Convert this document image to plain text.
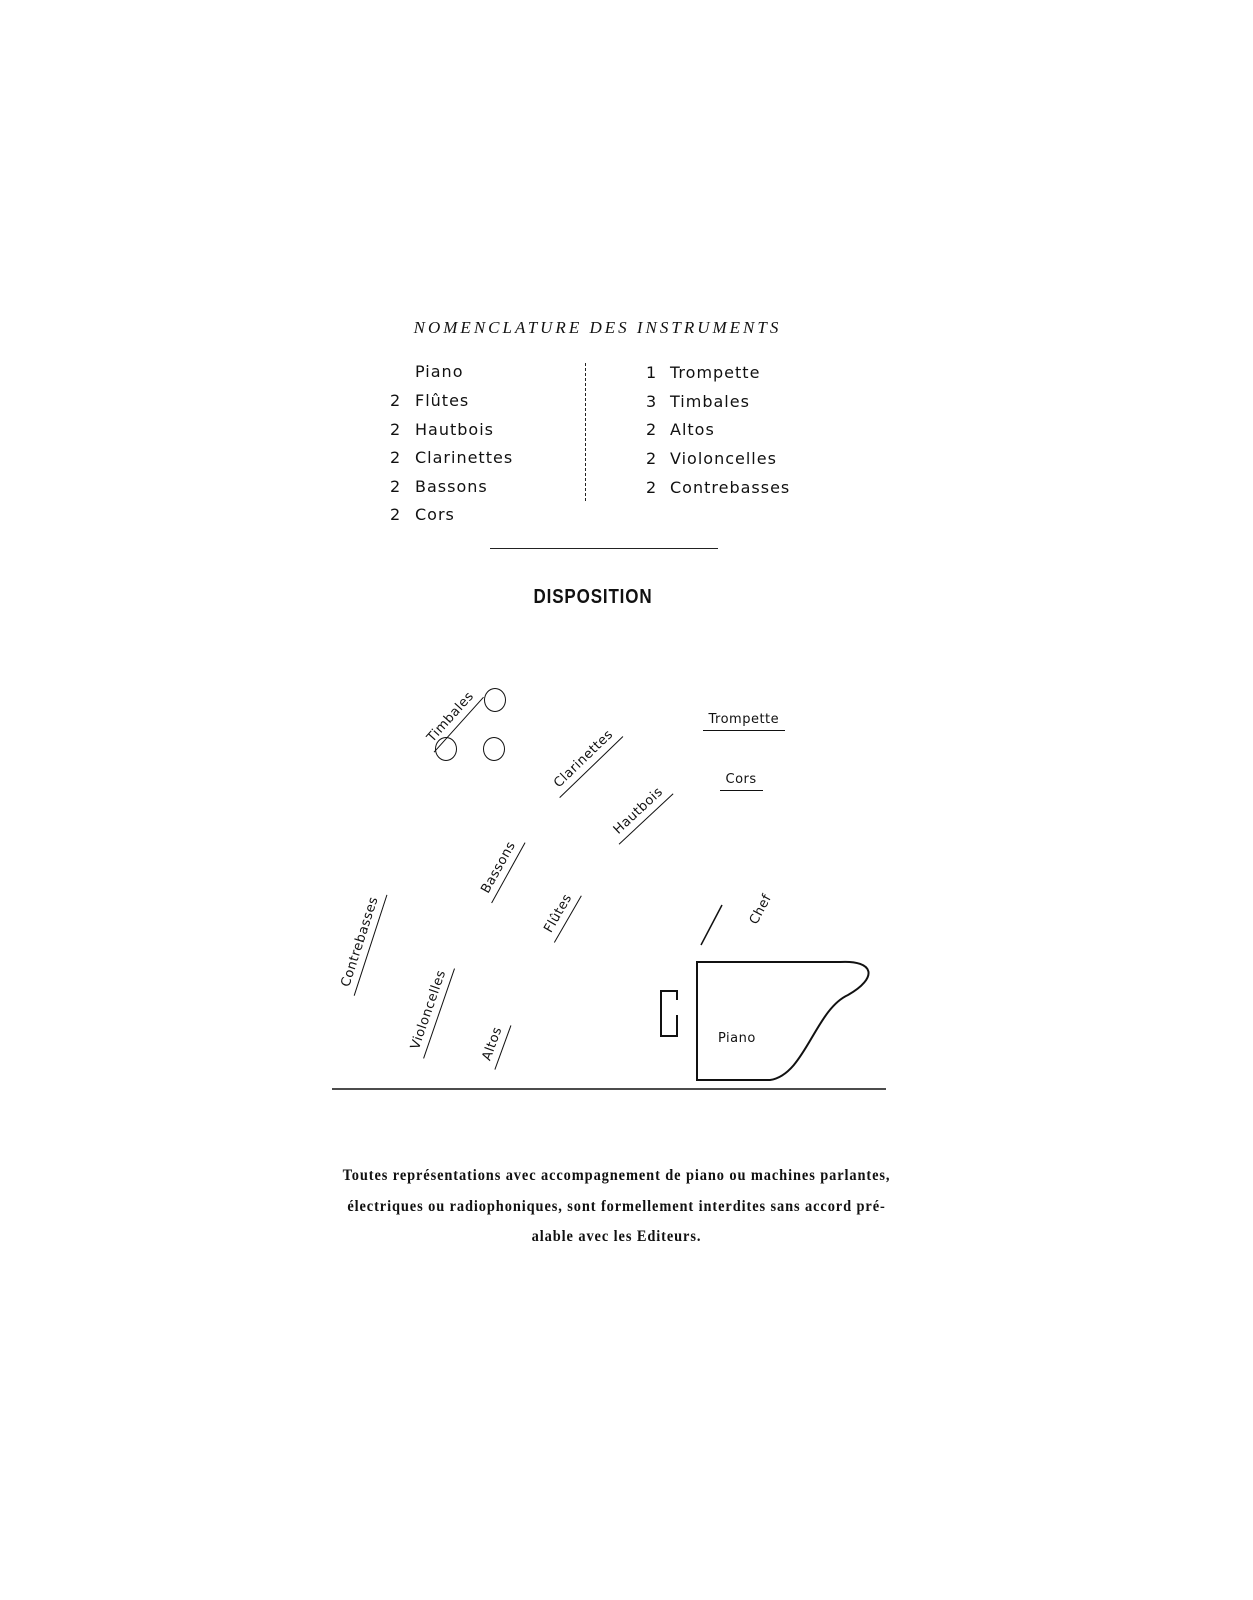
NOMENCLATURE DES INSTRUMENTS
Piano
2 Flûtes
2 Hautbois
2 Clarinettes
2 Bassons
2 Cors
1 Trompette
3 Timbales
2 Altos
2 Violoncelles
2 Contrebasses
DISPOSITION
Timbales
Clarinettes
Hautbois
Bassons
Flûtes
Contrebasses
Violoncelles	Altos
Trompette
Cors
Chef
Piano
Toutes représentations avec accompagnement de piano ou machines parlantes,
électriques ou radiophoniques, sont formellement interdites sans accord pré-
alable avec les Editeurs.
